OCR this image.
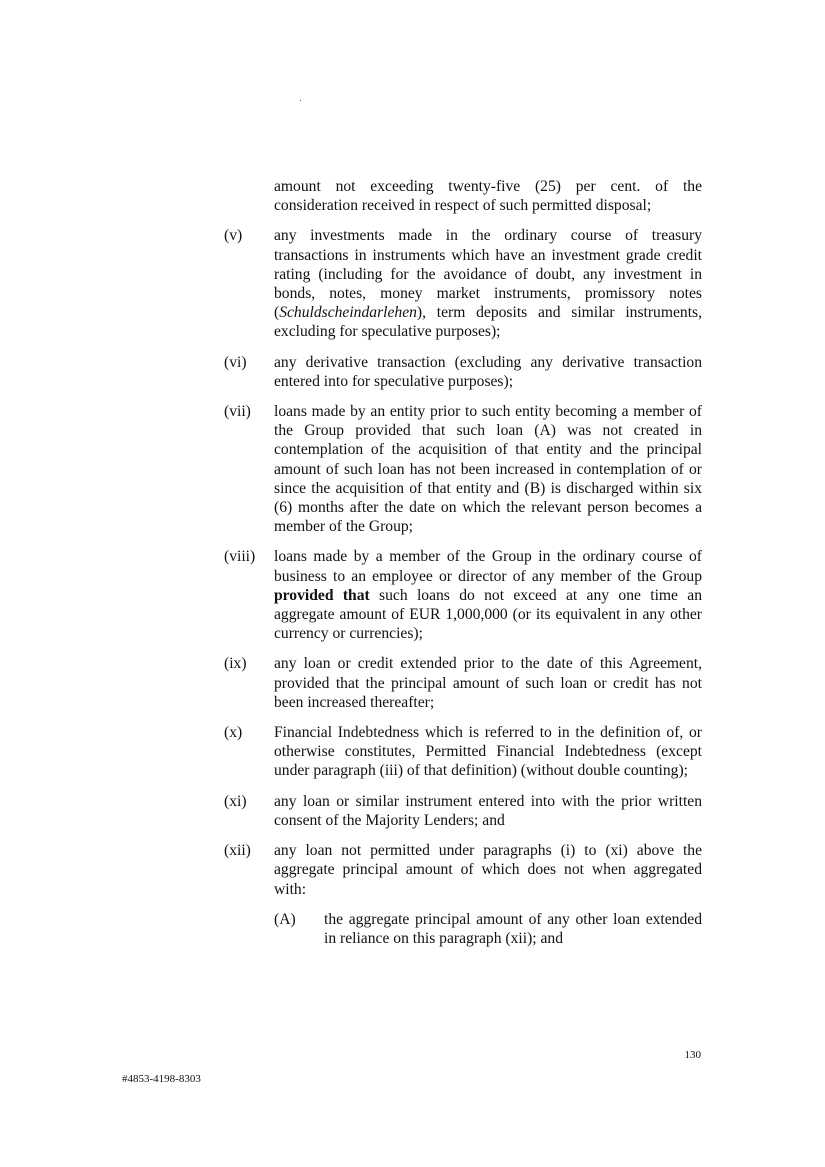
amount not exceeding twenty-five (25) per cent. of the consideration received in respect of such permitted disposal;

(v)	any investments made in the ordinary course of treasury transactions in instruments which have an investment grade credit rating (including for the avoidance of doubt, any investment in bonds, notes, money market instruments, promissory notes (Schuldscheindarlehen), term deposits and similar instruments, excluding for speculative purposes);
(vi)	any derivative transaction (excluding any derivative transaction entered into for speculative purposes);
(vii)	loans made by an entity prior to such entity becoming a member of the Group provided that such loan (A) was not created in contemplation of the acquisition of that entity and the principal amount of such loan has not been increased in contemplation of or since the acquisition of that entity and (B) is discharged within six (6) months after the date on which the relevant person becomes a member of the Group;
(viii)	loans made by a member of the Group in the ordinary course of business to an employee or director of any member of the Group provided that such loans do not exceed at any one time an aggregate amount of EUR 1,000,000 (or its equivalent in any other currency or currencies);
(ix)	any loan or credit extended prior to the date of this Agreement, provided that the principal amount of such loan or credit has not been increased thereafter;
(x)	Financial Indebtedness which is referred to in the definition of, or otherwise constitutes, Permitted Financial Indebtedness (except under paragraph (iii) of that definition) (without double counting);
(xi)	any loan or similar instrument entered into with the prior written consent of the Majority Lenders; and
(xii)	any loan not permitted under paragraphs (i) to (xi) above the aggregate principal amount of which does not when aggregated with:
(A)	the aggregate principal amount of any other loan extended in reliance on this paragraph (xii); and
130
#4853-4198-8303
